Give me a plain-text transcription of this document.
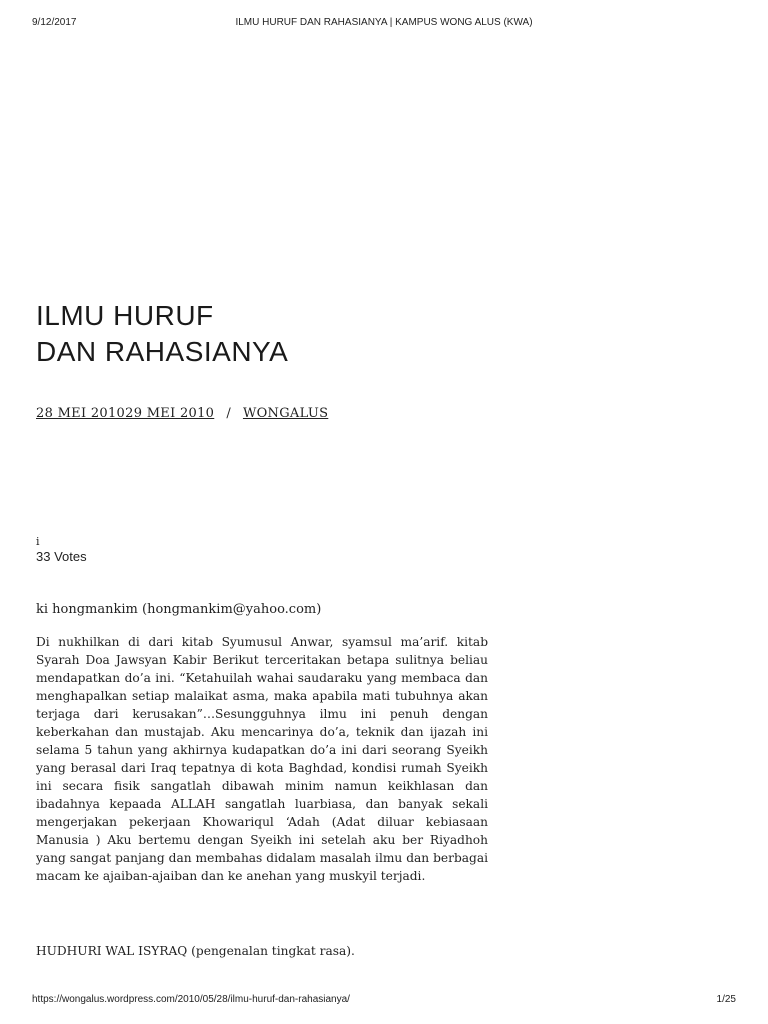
9/12/2017	ILMU HURUF DAN RAHASIANYA | KAMPUS WONG ALUS (KWA)
ILMU HURUF
DAN RAHASIANYA
28 MEI 201029 MEI 2010 / WONGALUS
i
33 Votes
ki hongmankim (hongmankim@yahoo.com)

Di nukhilkan di dari kitab Syumusul Anwar, syamsul ma’arif. kitab Syarah Doa Jawsyan Kabir Berikut terceritakan betapa sulitnya beliau mendapatkan do’a ini. “Ketahuilah wahai saudaraku yang membaca dan menghapalkan setiap malaikat asma, maka apabila mati tubuhnya akan terjaga dari kerusakan”…Sesungguhnya ilmu ini penuh dengan keberkahan dan mustajab. Aku mencarinya do’a, teknik dan ijazah ini selama 5 tahun yang akhirnya kudapatkan do’a ini dari seorang Syeikh yang berasal dari Iraq tepatnya di kota Baghdad, kondisi rumah Syeikh ini secara fisik sangatlah dibawah minim namun keikhlasan dan ibadahnya kepaada ALLAH sangatlah luarbiasa, dan banyak sekali mengerjakan pekerjaan Khowariqul ‘Adah (Adat diluar kebiasaan Manusia ) Aku bertemu dengan Syeikh ini setelah aku ber Riyadhoh yang sangat panjang dan membahas didalam masalah ilmu dan berbagai macam ke ajaiban-ajaiban dan ke anehan yang muskyil terjadi.

HUDHURI WAL ISYRAQ (pengenalan tingkat rasa).
https://wongalus.wordpress.com/2010/05/28/ilmu-huruf-dan-rahasianya/	1/25
